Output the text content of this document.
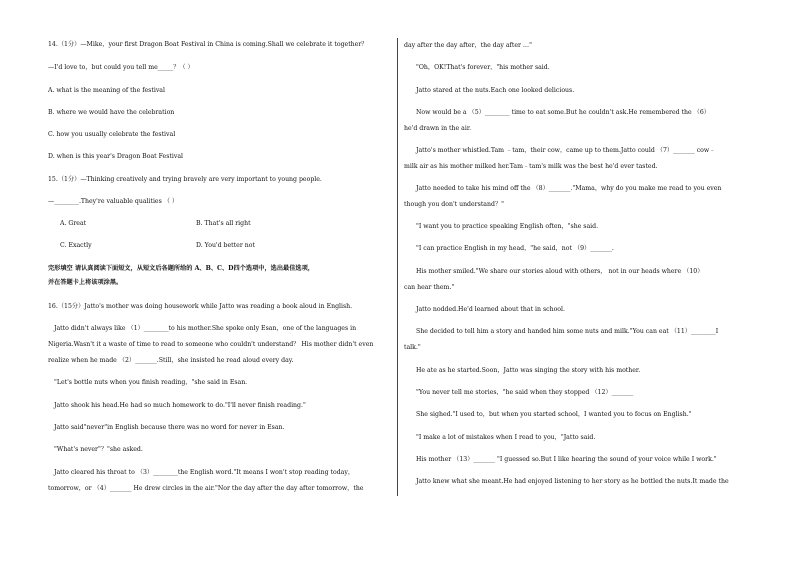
14.（1分）—Mike，your first Dragon Boat Festival in China is coming.Shall we celebrate it together？
—I'd love to，but could you tell me_____？（ ）
A. what is the meaning of the festival
B. where we would have the celebration
C. how you usually celebrate the festival
D. when is this year's Dragon Boat Festival
15.（1分）—Thinking creatively and trying bravely are very important to young people.
—________.They're valuable qualities （ ）
A. Great	B. That's all right
C. Exactly	D. You'd better not
完形填空 请认真阅读下面短文，从短文后各题所给的 A、B、C、D四个选项中，选出最佳选项，
并在答题卡上将该项涂黑。
16.（15分）Jatto's mother was doing housework while Jatto was reading a book aloud in English.
Jatto didn't always like （1）________to his mother.She spoke only Esan，one of the languages in
Nigeria.Wasn't it a waste of time to read to someone who couldn't understand？ His mother didn't even
realize when he made （2）_______.Still，she insisted he read aloud every day.
"Let's bottle nuts when you finish reading，"she said in Esan.
Jatto shook his head.He had so much homework to do."I'll never finish reading."
Jatto said"never"in English because there was no word for never in Esan.
"What's never"？"she asked.
Jatto cleared his throat to （3）________the English word."It means I won't stop reading today，
tomorrow，or （4）_______ He drew circles in the air."Nor the day after the day after tomorrow，the
day after the day after，the day after …"
"Oh，OK!That's forever，"his mother said.
Jatto stared at the nuts.Each one looked delicious.
Now would be a （5）________ time to eat some.But he couldn't ask.He remembered the （6）
he'd drawn in the air.
Jatto's mother whistled.Tam ﹣tam，their cow，came up to them.Jatto could （7）_______ cow﹣
milk air as his mother milked her.Tam﹣tam's milk was the best he'd ever tasted.
Jatto needed to take his mind off the （8）_______."Mama，why do you make me read to you even
though you don't understand？"
"I want you to practice speaking English often，"she said.
"I can practice English in my head，"he said，not （9）_______.
His mother smiled."We share our stories aloud with others， not in our heads where （10）
can hear them."
Jatto nodded.He'd learned about that in school.
She decided to tell him a story and handed him some nuts and milk."You can eat （11）________I
talk."
He ate as he started.Soon，Jatto was singing the story with his mother.
"You never tell me stories，"he said when they stopped （12）_______
She sighed."I used to，but when you started school，I wanted you to focus on English."
"I make a lot of mistakes when I read to you，"Jatto said.
His mother （13）_______ "I guessed so.But I like hearing the sound of your voice while I work."
Jatto knew what she meant.He had enjoyed listening to her story as he bottled the nuts.It made the
